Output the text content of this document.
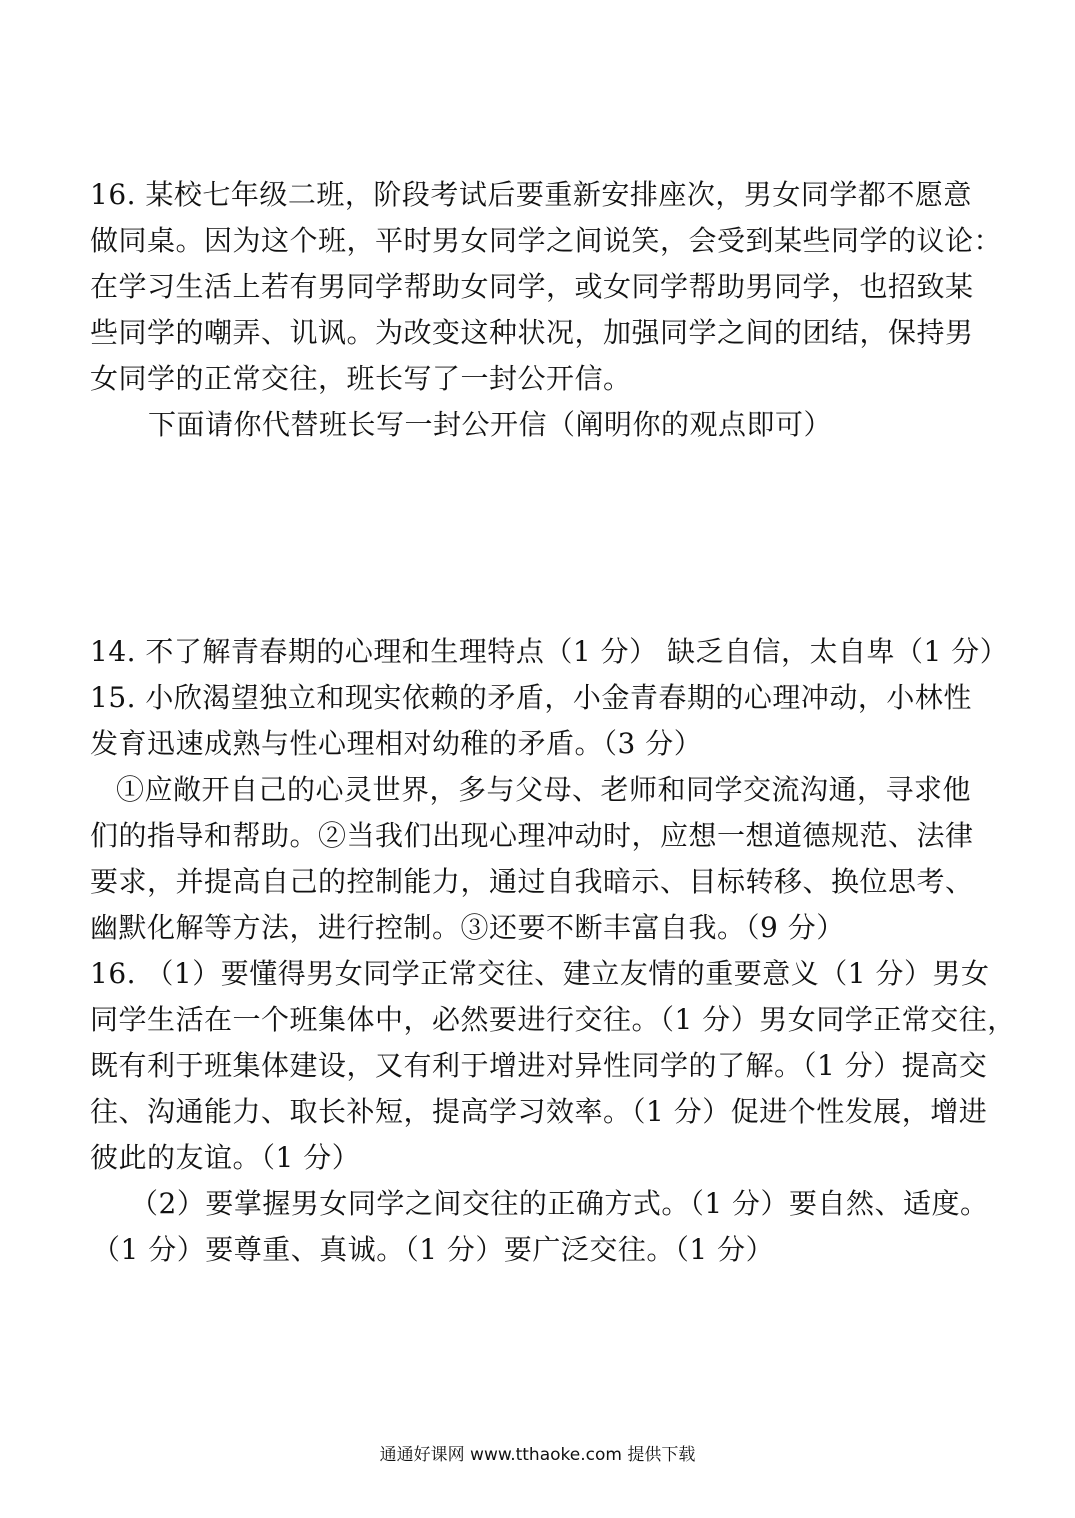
16. 某校七年级二班，阶段考试后要重新安排座次，男女同学都不愿意
做同桌。因为这个班，平时男女同学之间说笑，会受到某些同学的议论：
在学习生活上若有男同学帮助女同学，或女同学帮助男同学，也招致某
些同学的嘲弄、讥讽。为改变这种状况，加强同学之间的团结，保持男
女同学的正常交往，班长写了一封公开信。
下面请你代替班长写一封公开信（阐明你的观点即可）
14. 不了解青春期的心理和生理特点（1 分） 缺乏自信，太自卑（1 分）
15. 小欣渴望独立和现实依赖的矛盾，小金青春期的心理冲动，小林性
发育迅速成熟与性心理相对幼稚的矛盾。（3 分）
①应敞开自己的心灵世界，多与父母、老师和同学交流沟通，寻求他
们的指导和帮助。②当我们出现心理冲动时，应想一想道德规范、法律
要求，并提高自己的控制能力，通过自我暗示、目标转移、换位思考、
幽默化解等方法，进行控制。③还要不断丰富自我。（9 分）
16. （1）要懂得男女同学正常交往、建立友情的重要意义（1 分）男女
同学生活在一个班集体中，必然要进行交往。（1 分）男女同学正常交往，
既有利于班集体建设，又有利于增进对异性同学的了解。（1 分）提高交
往、沟通能力、取长补短，提高学习效率。（1 分）促进个性发展，增进
彼此的友谊。（1 分）
（2）要掌握男女同学之间交往的正确方式。（1 分）要自然、适度。
（1 分）要尊重、真诚。（1 分）要广泛交往。（1 分）
通通好课网 www.tthaoke.com 提供下载
